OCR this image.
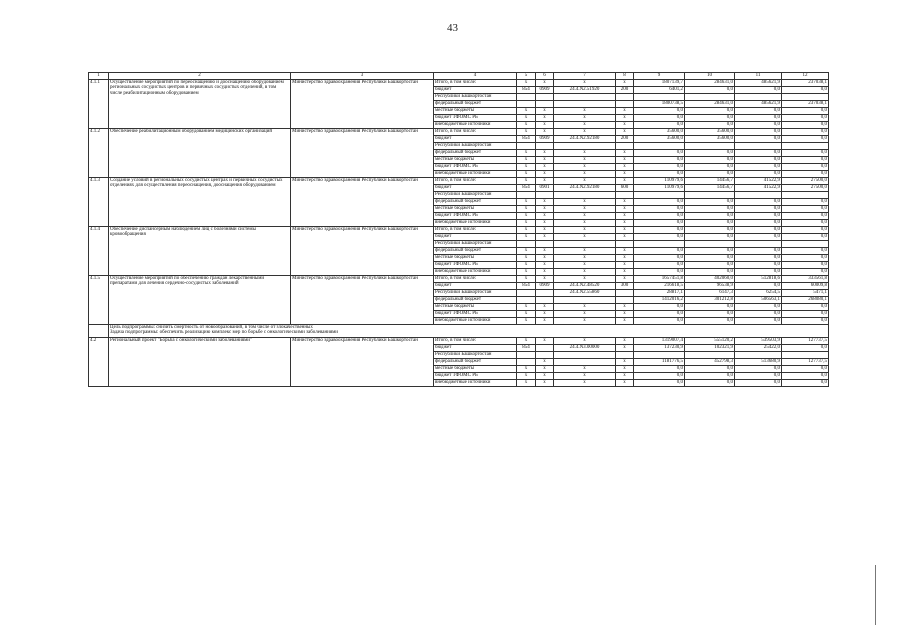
43
1	2	3	4	5	6	7	8	9	10	11	12
4.1.1	Осуществление мероприятий по переоснащению и дооснащению оборудованием региональных сосудистых центров и первичных сосудистых отделений, в том числе реабилитационным оборудованием	Министерство здравоохранения Республики Башкортостан	Итого, в том числе:	х	х	х	х	1807139,7	284631,0	485621,9	237038,1
			бюджет	854	0909	24.4.N2.51920	200	6401,2	0,0	0,0	0,0
			Республики Башкортостан								
			федеральный бюджет					1800738,5	284631,0	485621,9	237038,1
			местные бюджеты	х	х	х	х	0,0	0,0	0,0	0,0
			бюджет ТФОМС РБ	х	х	х	х	0,0	0,0	0,0	0,0
			внебюджетные источники	х	х	х	х	0,0	0,0	0,0	0,0
4.1.2	Обеспечение реабилитационным оборудованием медицинских организаций	Министерство здравоохранения Республики Башкортостан	Итого, в том числе:	х	х	х	х	35600,0	35600,0	0,0	0,0
			бюджет	854	0909	24.4.N2.92180	200	35600,0	35600,0	0,0	0,0
			Республики Башкортостан								
			федеральный бюджет	х	х	х	х	0,0	0,0	0,0	0,0
			местные бюджеты	х	х	х	х	0,0	0,0	0,0	0,0
			бюджет ТФОМС РБ	х	х	х	х	0,0	0,0	0,0	0,0
			внебюджетные источники	х	х	х	х	0,0	0,0	0,0	0,0
4.1.3	Создание условий в региональных сосудистых центрах и первичных сосудистых отделениях для осуществления переоснащения, дооснащения оборудованием	Министерство здравоохранения Республики Башкортостан	Итого, в том числе:	х	х	х	х	110979,6	14456,7	41522,9	27500,0
			бюджет	854	0901	24.4.N2.92180	600	110979,6	14456,7	41522,9	27500,0
			Республики Башкортостан								
			федеральный бюджет	х	х	х	х	0,0	0,0	0,0	0,0
			местные бюджеты	х	х	х	х	0,0	0,0	0,0	0,0
			бюджет ТФОМС РБ	х	х	х	х	0,0	0,0	0,0	0,0
			внебюджетные источники	х	х	х	х	0,0	0,0	0,0	0,0
4.1.4	Обеспечение диспансерным наблюдением лиц с болезнями системы кровообращения	Министерство здравоохранения Республики Башкортостан	Итого, в том числе:	х	х	х	х	0,0	0,0	0,0	0,0
			бюджет	х	х	х	х	0,0	0,0	0,0	0,0
			Республики Башкортостан								
			федеральный бюджет	х	х	х	х	0,0	0,0	0,0	0,0
			местные бюджеты	х	х	х	х	0,0	0,0	0,0	0,0
			бюджет ТФОМС РБ	х	х	х	х	0,0	0,0	0,0	0,0
			внебюджетные источники	х	х	х	х	0,0	0,0	0,0	0,0
4.1.5	Осуществление мероприятий по обеспечению граждан лекарственными препаратами для лечения сердечно-сосудистых заболеваний	Министерство здравоохранения Республики Башкортостан	Итого, в том числе:	х	х	х	х	1657451,8	402060,0	512818,6	333561,8
			бюджет	854	0909	24.4.N2.48520	300	216618,5	96538,9	0,0	60009,8
			Республики Башкортостан			24.4.N2.55860		28817,1	6147,3	6254,5	5471,1
			федеральный бюджет					1412016,2	301212,8	506563,1	268080,1
			местные бюджеты	х	х	х	х	0,0	0,0	0,0	0,0
			бюджет ТФОМС РБ	х	х	х	х	0,0	0,0	0,0	0,0
			внебюджетные источники	х	х	х	х	0,0	0,0	0,0	0,0
	Цель подпрограммы: снизить смертность от новообразований, в том числе от злокачественных
Задача подпрограммы: обеспечить реализацию комплекс мер по борьбе с онкологическими заболеваниями										
4.2	Региональный проект "Борьба с онкологическими заболеваниями"	Министерство здравоохранения Республики Башкортостан	Итого, в том числе:	х	х	х	х	1319007,4	555120,2	539503,9	127737,5
			бюджет	854		24.4.N3.00000	х	137230,9	102321,9	25422,0	0,0
			Республики Башкортостан								
			федеральный бюджет		х		х	1181776,5	452798,3	513680,9	127737,5
			местные бюджеты	х	х	х	х	0,0	0,0	0,0	0,0
			бюджет ТФОМС РБ	х	х	х	х	0,0	0,0	0,0	0,0
			внебюджетные источники	х	х	х	х	0,0	0,0	0,0	0,0
